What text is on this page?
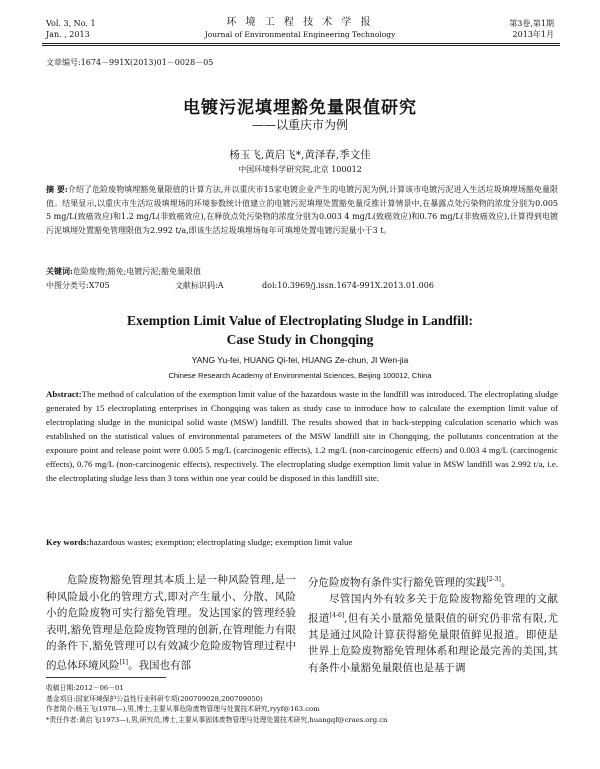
Vol. 3, No. 1
Jan. , 2013
环 境 工 程 技 术 学 报
Journal of Environmental Engineering Technology
第3卷,第1期
2013年1月
文章编号:1674－991X(2013)01－0028－05
电镀污泥填埋豁免量限值研究
——以重庆市为例
杨玉飞,黄启飞*,黄泽春,季文佳
中国环境科学研究院,北京 100012
摘 要:介绍了危险废物填埋豁免量限值的计算方法,并以重庆市15家电镀企业产生的电镀污泥为例,计算该市电镀污泥进入生活垃圾填埋场豁免量限值。结果显示,以重庆市生活垃圾填埋场的环境参数统计值建立的电镀污泥填埋处置豁免量反推计算情景中,在暴露点处污染物的浓度分别为0.005 5 mg/L(致癌效应)和1.2 mg/L(非致癌效应),在释放点处污染物的浓度分别为0.003 4 mg/L(致癌效应)和0.76 mg/L(非致癌效应),计算得到电镀污泥填埋处置豁免管理限值为2.992 t/a,即该生活垃圾填埋场每年可填埋处置电镀污泥量小于3 t。
关键词:危险废物;豁免;电镀污泥;豁免量限值
中图分类号:X705	文献标识码:A	doi:10.3969/j.issn.1674-991X.2013.01.006
Exemption Limit Value of Electroplating Sludge in Landfill:
Case Study in Chongqing
YANG Yu-fei, HUANG Qi-fei, HUANG Ze-chun, JI Wen-jia
Chinese Research Academy of Environmental Sciences, Beijing 100012, China
Abstract:The method of calculation of the exemption limit value of the hazardous waste in the landfill was introduced. The electroplating sludge generated by 15 electroplating enterprises in Chongqing was taken as study case to introduce how to calculate the exemption limit value of electroplating sludge in the municipal solid waste (MSW) landfill. The results showed that in back-stepping calculation scenario which was established on the statistical values of environmental parameters of the MSW landfill site in Chongqing, the pollutants concentration at the exposure point and release point were 0.005 5 mg/L (carcinogenic effects), 1.2 mg/L (non-carcinogenic effects) and 0.003 4 mg/L (carcinogenic effects), 0.76 mg/L (non-carcinogenic effects), respectively. The electroplating sludge exemption limit value in MSW landfill was 2.992 t/a, i.e. the electroplating sludge less than 3 tons within one year could be disposed in this landfill site.
Key words:hazardous wastes; exemption; electroplating sludge; exemption limit value
危险废物豁免管理其本质上是一种风险管理,是一种风险最小化的管理方式,即对产生量小、分散、风险小的危险废物可实行豁免管理。发达国家的管理经验表明,豁免管理是危险废物管理的创新,在管理能力有限的条件下,豁免管理可以有效减少危险废物管理过程中的总体环境风险[1]。我国也有部
分危险废物有条件实行豁免管理的实践[2-3]。
尽管国内外有较多关于危险废物豁免管理的文献报道[4-6],但有关小量豁免量限值的研究仍非常有限,尤其是通过风险计算获得豁免量限值鲜见报道。即使是世界上危险废物豁免管理体系和理论最完善的美国,其有条件小量豁免量限值也是基于调
收稿日期:2012－06－01
基金项目:国家环境保护公益性行业科研专项(200709028,200709050)
作者简介:杨玉飞(1978—),男,博士,主要从事危险废物管理与处置技术研究,ryyf@163.com
*责任作者:黄启飞(1973—),男,研究员,博士,主要从事固体废物管理与处理处置技术研究,huangqf@craes.org.cn
